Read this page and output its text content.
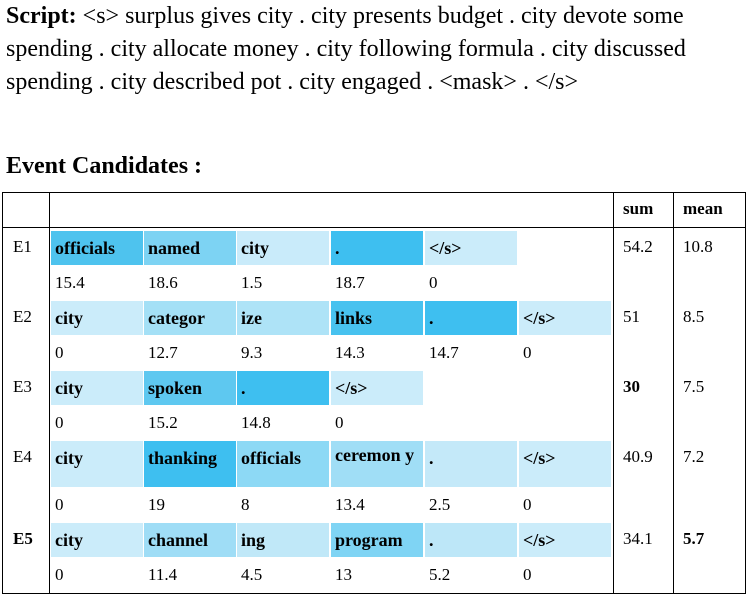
Script: <s> surplus gives city . city presents budget . city devote some spending . city allocate money . city following formula . city discussed spending . city described pot . city engaged . <mask> . </s>
Event Candidates :
sum mean
E1 officials
15.4
named
18.6
city
1.5
.
18.7
</s>
0
54.2 10.8
E2 city
0
categor
12.7
ize
9.3
links
14.3
.
14.7
</s>
0
51	8.5
E3 city
0
spoken
15.2
.
14.8
</s>
0
30	7.5
E4 city
0
thanking
19
officials
8
ceremon y
13.4
.
2.5
</s>
0
40.9 7.2
E5 city
0
channel
11.4
ing
4.5
program
13
.
5.2
</s>
0
34.1 5.7
